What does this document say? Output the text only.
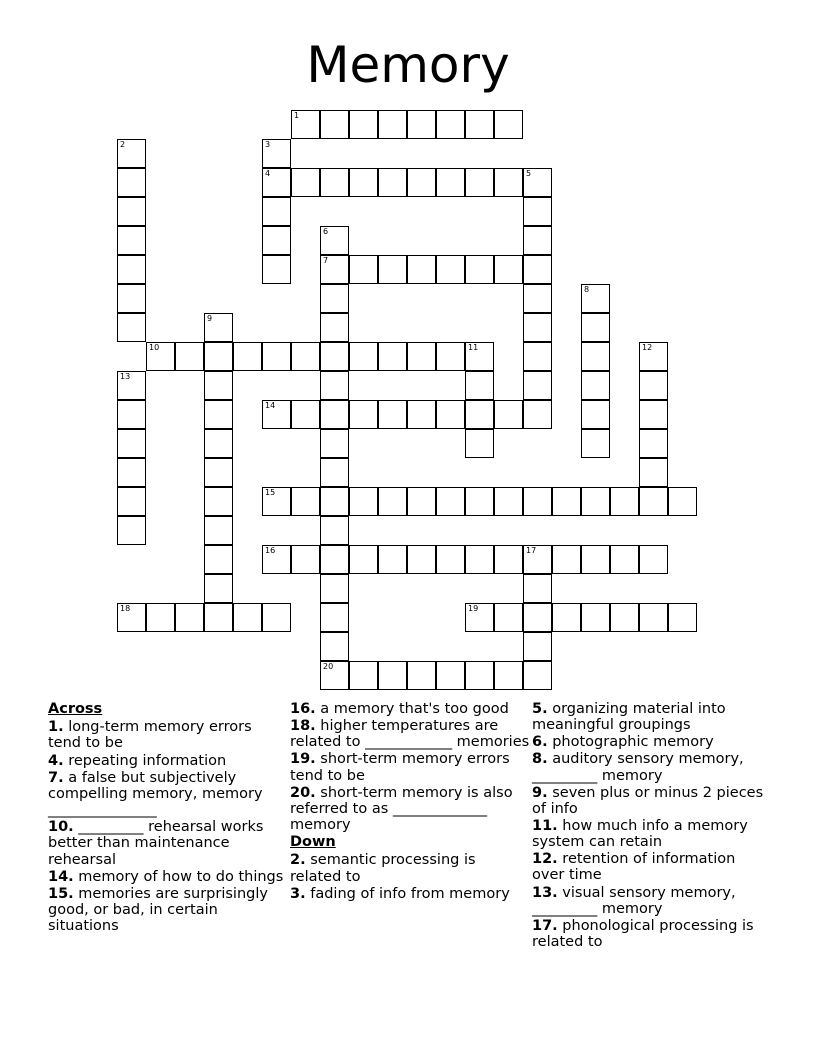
Memory
1
2	3
4	5
6
7
8
9
10	11	12
13
14
15
16	17
18	19
20
Across

1. long-term memory errors tend to be

4. repeating information

7. a false but subjectively compelling memory, memory _______________

10. _________ rehearsal works better than maintenance rehearsal

14. memory of how to do things

15. memories are surprisingly good, or bad, in certain situations

16. a memory that's too good

18. higher temperatures are related to ____________ memories

19. short-term memory errors tend to be

20. short-term memory is also referred to as _____________ memory

Down

2. semantic processing is related to

3. fading of info from memory

5. organizing material into meaningful groupings

6. photographic memory

8. auditory sensory memory, _________ memory

9. seven plus or minus 2 pieces of info

11. how much info a memory system can retain

12. retention of information over time

13. visual sensory memory, _________ memory

17. phonological processing is related to
